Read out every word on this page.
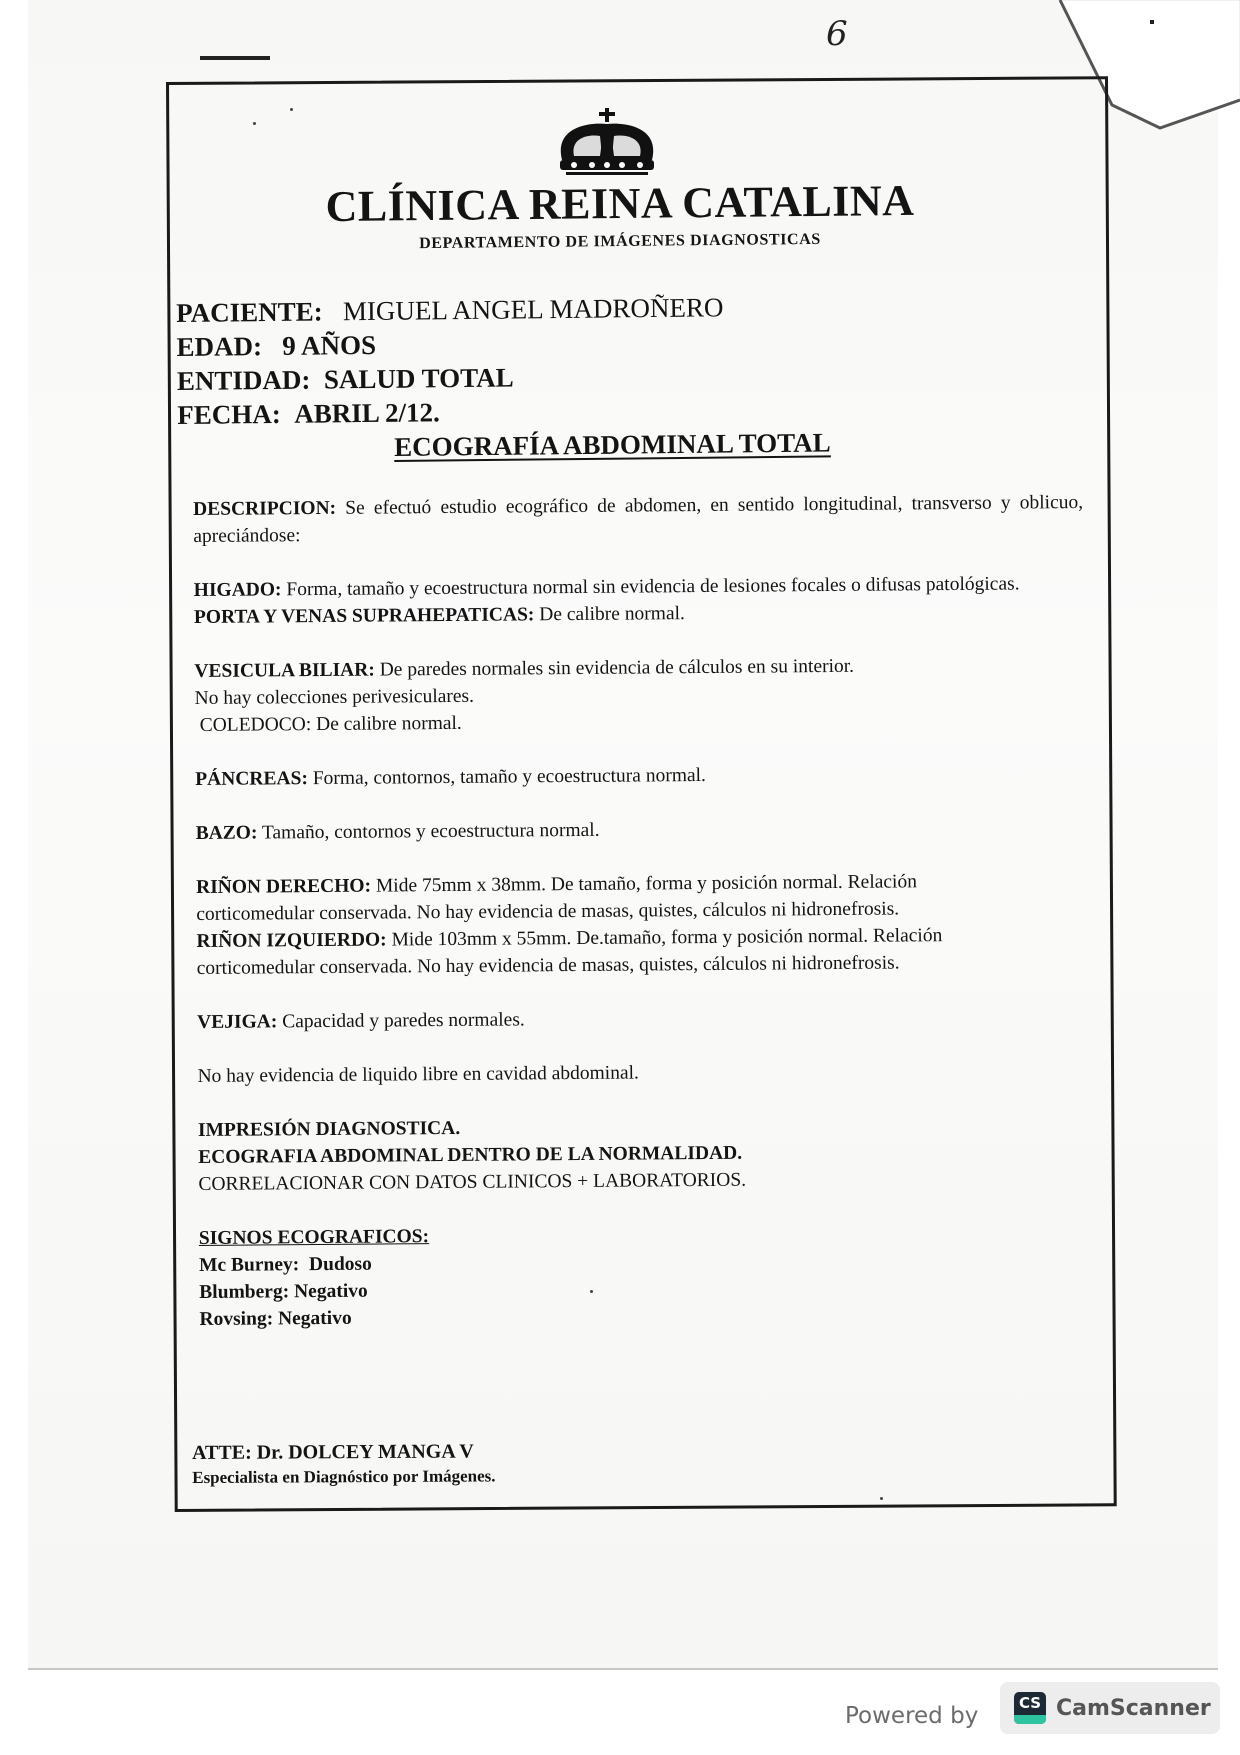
6
CLÍNICA REINA CATALINA
DEPARTAMENTO DE IMÁGENES DIAGNOSTICAS
PACIENTE: MIGUEL ANGEL MADROÑERO
EDAD: 9 AÑOS
ENTIDAD: SALUD TOTAL
FECHA: ABRIL 2/12.
ECOGRAFÍA ABDOMINAL TOTAL

DESCRIPCION: Se efectuó estudio ecográfico de abdomen, en sentido longitudinal, transverso y oblicuo, apreciándose:

HIGADO: Forma, tamaño y ecoestructura normal sin evidencia de lesiones focales o difusas patológicas.

PORTA Y VENAS SUPRAHEPATICAS: De calibre normal.

VESICULA BILIAR: De paredes normales sin evidencia de cálculos en su interior.

No hay colecciones perivesiculares.

COLEDOCO: De calibre normal.

PÁNCREAS: Forma, contornos, tamaño y ecoestructura normal.

BAZO: Tamaño, contornos y ecoestructura normal.

RIÑON DERECHO: Mide 75mm x 38mm. De tamaño, forma y posición normal. Relación corticomedular conservada. No hay evidencia de masas, quistes, cálculos ni hidronefrosis.

RIÑON IZQUIERDO: Mide 103mm x 55mm. De.tamaño, forma y posición normal. Relación corticomedular conservada. No hay evidencia de masas, quistes, cálculos ni hidronefrosis.

VEJIGA: Capacidad y paredes normales.

No hay evidencia de liquido libre en cavidad abdominal.

IMPRESIÓN DIAGNOSTICA.

ECOGRAFIA ABDOMINAL DENTRO DE LA NORMALIDAD.

CORRELACIONAR CON DATOS CLINICOS + LABORATORIOS.

SIGNOS ECOGRAFICOS:

Mc Burney:  Dudoso

Blumberg: Negativo

Rovsing: Negativo

ATTE: Dr. DOLCEY MANGA V
Especialista en Diagnóstico por Imágenes.
Powered by	CS CamScanner
